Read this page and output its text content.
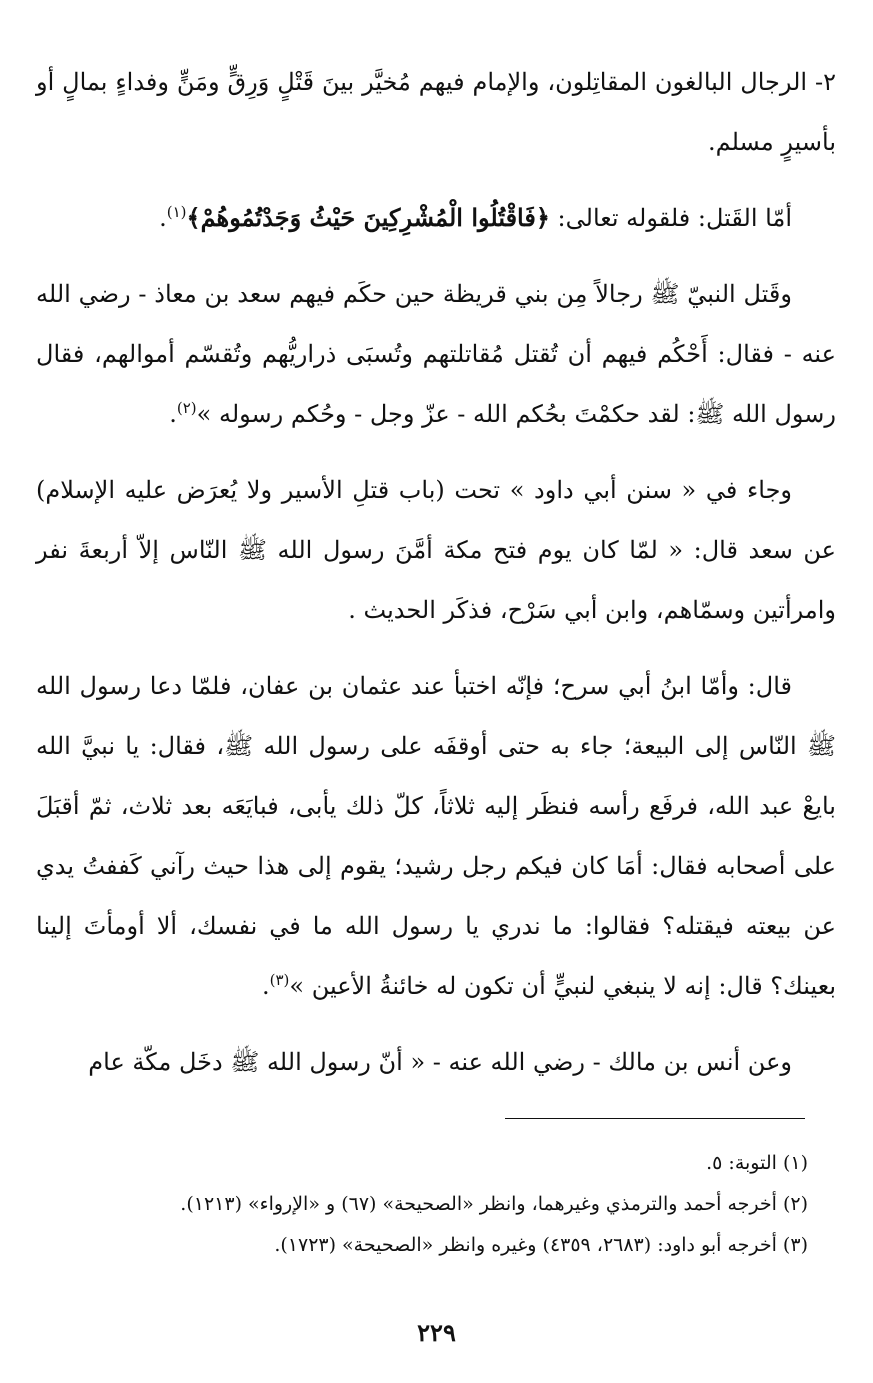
٢- الرجال البالغون المقاتِلون، والإمام فيهم مُخيَّر بينَ قَتْلٍ وَرِقٍّ ومَنٍّ وفداءٍ بمالٍ أو بأسيرٍ مسلم.

أمّا القَتل: فلقوله تعالى: ﴿فَاقْتُلُوا الْمُشْرِكِينَ حَيْثُ وَجَدْتُمُوهُمْ﴾$^{(١)}$.

وقَتل النبيّ ﷺ رجالاً مِن بني قريظة حين حكَم فيهم سعد بن معاذ - رضي الله عنه - فقال: أَحْكُم فيهم أن تُقتل مُقاتلتهم وتُسبَى ذراريُّهم وتُقسّم أموالهم، فقال رسول الله ﷺ: لقد حكمْتَ بحُكم الله - عزّ وجل - وحُكم رسوله »$^{(٢)}$.

وجاء في « سنن أبي داود » تحت (باب قتلِ الأسير ولا يُعرَض عليه الإسلام) عن سعد قال: « لمّا كان يوم فتح مكة أمَّنَ رسول الله ﷺ النّاس إلاّ أربعةَ نفر وامرأتين وسمّاهم، وابن أبي سَرْح، فذكَر الحديث .

قال: وأمّا ابنُ أبي سرح؛ فإنّه اختبأ عند عثمان بن عفان، فلمّا دعا رسول الله ﷺ النّاس إلى البيعة؛ جاء به حتى أوقفَه على رسول الله ﷺ، فقال: يا نبيَّ الله بايعْ عبد الله، فرفَع رأسه فنظَر إليه ثلاثاً، كلّ ذلك يأبى، فبايَعَه بعد ثلاث، ثمّ أقبَلَ على أصحابه فقال: أمَا كان فيكم رجل رشيد؛ يقوم إلى هذا حيث رآني كَففتُ يدي عن بيعته فيقتله؟ فقالوا: ما ندري يا رسول الله ما في نفسك، ألا أومأتَ إلينا بعينك؟ قال: إنه لا ينبغي لنبيٍّ أن تكون له خائنةُ الأعين »$^{(٣)}$.

وعن أنس بن مالك - رضي الله عنه - « أنّ رسول الله ﷺ دخَل مكّة عام

(١) التوبة: ٥.

(٢) أخرجه أحمد والترمذي وغيرهما، وانظر «الصحيحة» (٦٧) و «الإرواء» (١٢١٣).

(٣) أخرجه أبو داود: (٢٦٨٣، ٤٣٥٩) وغيره وانظر «الصحيحة» (١٧٢٣).

٢٢٩
